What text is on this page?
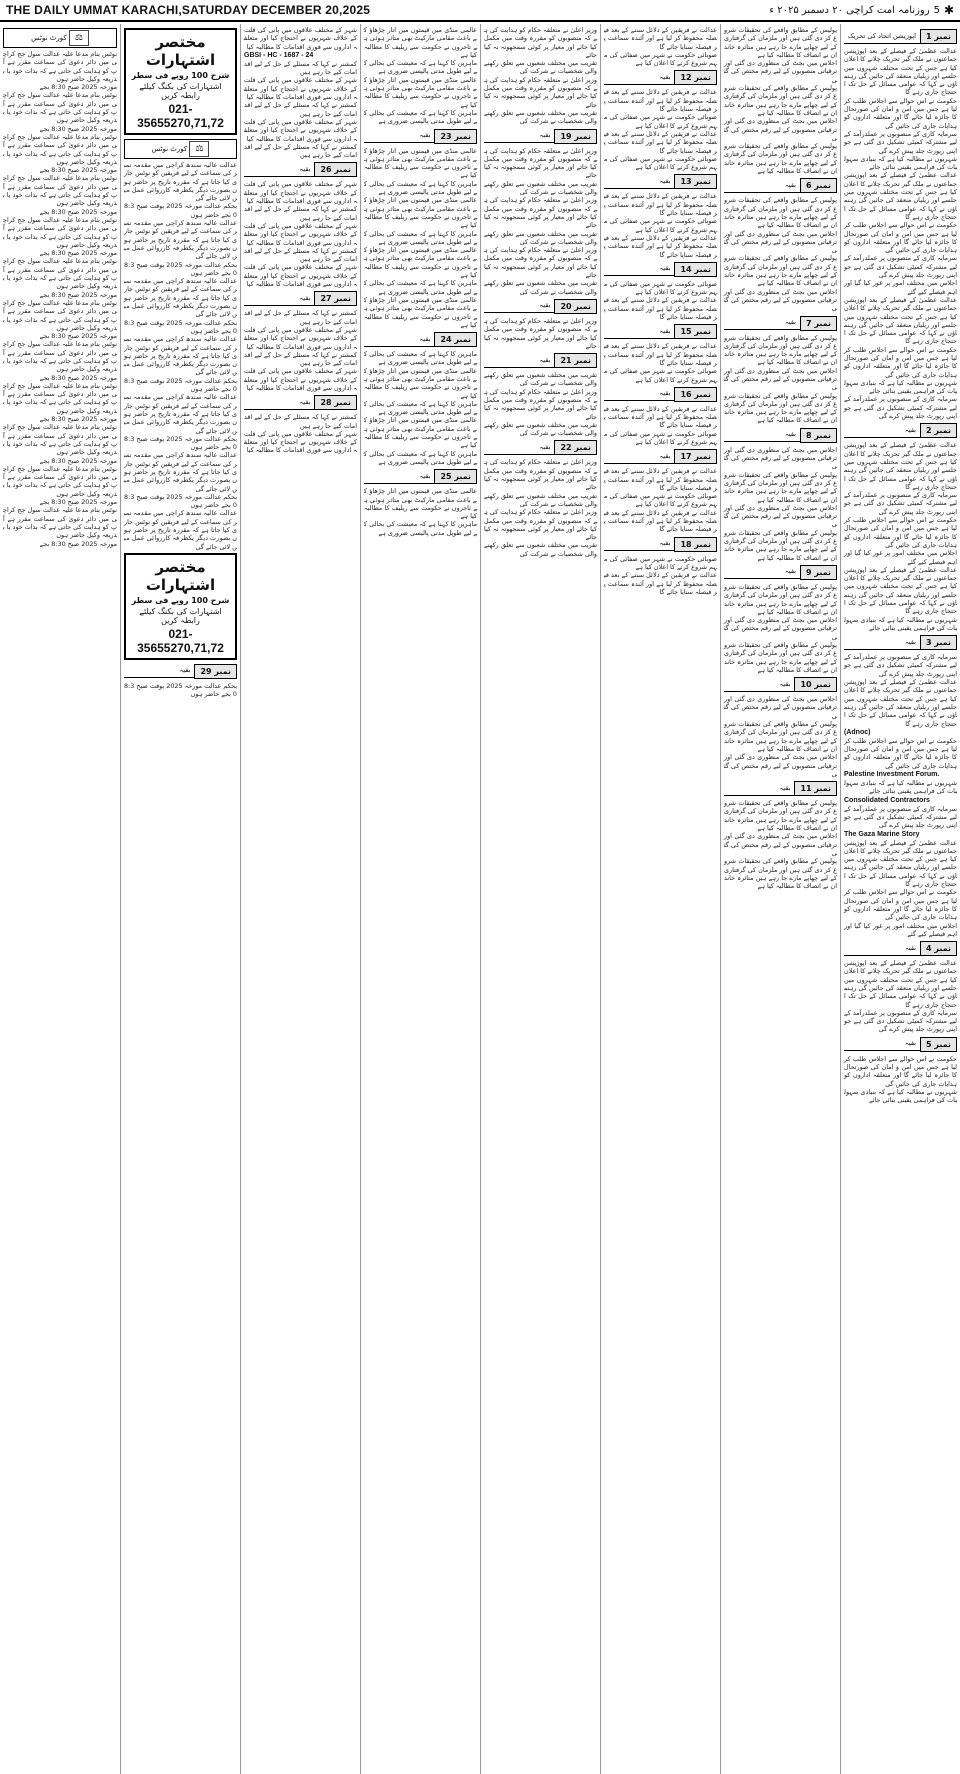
THE DAILY UMMAT KARACHI,SATURDAY DECEMBER 20,2025	✱
5
روزنامہ امت کراچی ۲۰ دسمبر ۲۰۲۵ ء
نمبر 1
اپوزیشن اتحاد کی تحریک
عدالت عظمیٰ کے فیصلے کے بعد اپوزیشن جماعتوں نے ملک گیر تحریک چلانے کا اعلان کیا ہے جس کے تحت مختلف شہروں میں جلسے اور ریلیاں منعقد کی جائیں گی رہنماؤں نے کہا کہ عوامی مسائل کے حل تک احتجاج جاری رہے گا
حکومت نے اس حوالے سے اجلاس طلب کر لیا ہے جس میں امن و امان کی صورتحال کا جائزہ لیا جائے گا اور متعلقہ اداروں کو ہدایات جاری کی جائیں گی
سرمایہ کاری کے منصوبوں پر عملدرآمد کے لیے مشترکہ کمیٹی تشکیل دی گئی ہے جو اپنی رپورٹ جلد پیش کرے گی
شہریوں نے مطالبہ کیا ہے کہ بنیادی سہولیات کی فراہمی یقینی بنائی جائے
عدالت عظمیٰ کے فیصلے کے بعد اپوزیشن جماعتوں نے ملک گیر تحریک چلانے کا اعلان کیا ہے جس کے تحت مختلف شہروں میں جلسے اور ریلیاں منعقد کی جائیں گی رہنماؤں نے کہا کہ عوامی مسائل کے حل تک احتجاج جاری رہے گا
حکومت نے اس حوالے سے اجلاس طلب کر لیا ہے جس میں امن و امان کی صورتحال کا جائزہ لیا جائے گا اور متعلقہ اداروں کو ہدایات جاری کی جائیں گی
سرمایہ کاری کے منصوبوں پر عملدرآمد کے لیے مشترکہ کمیٹی تشکیل دی گئی ہے جو اپنی رپورٹ جلد پیش کرے گی
اجلاس میں مختلف امور پر غور کیا گیا اور اہم فیصلے کیے گئے
عدالت عظمیٰ کے فیصلے کے بعد اپوزیشن جماعتوں نے ملک گیر تحریک چلانے کا اعلان کیا ہے جس کے تحت مختلف شہروں میں جلسے اور ریلیاں منعقد کی جائیں گی رہنماؤں نے کہا کہ عوامی مسائل کے حل تک احتجاج جاری رہے گا
حکومت نے اس حوالے سے اجلاس طلب کر لیا ہے جس میں امن و امان کی صورتحال کا جائزہ لیا جائے گا اور متعلقہ اداروں کو ہدایات جاری کی جائیں گی
شہریوں نے مطالبہ کیا ہے کہ بنیادی سہولیات کی فراہمی یقینی بنائی جائے
سرمایہ کاری کے منصوبوں پر عملدرآمد کے لیے مشترکہ کمیٹی تشکیل دی گئی ہے جو اپنی رپورٹ جلد پیش کرے گی
نمبر 2
بقیہ
عدالت عظمیٰ کے فیصلے کے بعد اپوزیشن جماعتوں نے ملک گیر تحریک چلانے کا اعلان کیا ہے جس کے تحت مختلف شہروں میں جلسے اور ریلیاں منعقد کی جائیں گی رہنماؤں نے کہا کہ عوامی مسائل کے حل تک احتجاج جاری رہے گا
سرمایہ کاری کے منصوبوں پر عملدرآمد کے لیے مشترکہ کمیٹی تشکیل دی گئی ہے جو اپنی رپورٹ جلد پیش کرے گی
حکومت نے اس حوالے سے اجلاس طلب کر لیا ہے جس میں امن و امان کی صورتحال کا جائزہ لیا جائے گا اور متعلقہ اداروں کو ہدایات جاری کی جائیں گی
اجلاس میں مختلف امور پر غور کیا گیا اور اہم فیصلے کیے گئے
عدالت عظمیٰ کے فیصلے کے بعد اپوزیشن جماعتوں نے ملک گیر تحریک چلانے کا اعلان کیا ہے جس کے تحت مختلف شہروں میں جلسے اور ریلیاں منعقد کی جائیں گی رہنماؤں نے کہا کہ عوامی مسائل کے حل تک احتجاج جاری رہے گا
شہریوں نے مطالبہ کیا ہے کہ بنیادی سہولیات کی فراہمی یقینی بنائی جائے
نمبر 3
بقیہ
سرمایہ کاری کے منصوبوں پر عملدرآمد کے لیے مشترکہ کمیٹی تشکیل دی گئی ہے جو اپنی رپورٹ جلد پیش کرے گی
عدالت عظمیٰ کے فیصلے کے بعد اپوزیشن جماعتوں نے ملک گیر تحریک چلانے کا اعلان کیا ہے جس کے تحت مختلف شہروں میں جلسے اور ریلیاں منعقد کی جائیں گی رہنماؤں نے کہا کہ عوامی مسائل کے حل تک احتجاج جاری رہے گا
(Adnoc)
حکومت نے اس حوالے سے اجلاس طلب کر لیا ہے جس میں امن و امان کی صورتحال کا جائزہ لیا جائے گا اور متعلقہ اداروں کو ہدایات جاری کی جائیں گی
Palestine Investment Forum.
شہریوں نے مطالبہ کیا ہے کہ بنیادی سہولیات کی فراہمی یقینی بنائی جائے
Consolidated Contractors
سرمایہ کاری کے منصوبوں پر عملدرآمد کے لیے مشترکہ کمیٹی تشکیل دی گئی ہے جو اپنی رپورٹ جلد پیش کرے گی
The Gaza Marine Story
عدالت عظمیٰ کے فیصلے کے بعد اپوزیشن جماعتوں نے ملک گیر تحریک چلانے کا اعلان کیا ہے جس کے تحت مختلف شہروں میں جلسے اور ریلیاں منعقد کی جائیں گی رہنماؤں نے کہا کہ عوامی مسائل کے حل تک احتجاج جاری رہے گا
حکومت نے اس حوالے سے اجلاس طلب کر لیا ہے جس میں امن و امان کی صورتحال کا جائزہ لیا جائے گا اور متعلقہ اداروں کو ہدایات جاری کی جائیں گی
اجلاس میں مختلف امور پر غور کیا گیا اور اہم فیصلے کیے گئے
نمبر 4
بقیہ
عدالت عظمیٰ کے فیصلے کے بعد اپوزیشن جماعتوں نے ملک گیر تحریک چلانے کا اعلان کیا ہے جس کے تحت مختلف شہروں میں جلسے اور ریلیاں منعقد کی جائیں گی رہنماؤں نے کہا کہ عوامی مسائل کے حل تک احتجاج جاری رہے گا
سرمایہ کاری کے منصوبوں پر عملدرآمد کے لیے مشترکہ کمیٹی تشکیل دی گئی ہے جو اپنی رپورٹ جلد پیش کرے گی
نمبر 5
بقیہ
حکومت نے اس حوالے سے اجلاس طلب کر لیا ہے جس میں امن و امان کی صورتحال کا جائزہ لیا جائے گا اور متعلقہ اداروں کو ہدایات جاری کی جائیں گی
شہریوں نے مطالبہ کیا ہے کہ بنیادی سہولیات کی فراہمی یقینی بنائی جائے
پولیس کے مطابق واقعے کی تحقیقات شروع کر دی گئی ہیں اور ملزمان کی گرفتاری کے لیے چھاپے مارے جا رہے ہیں متاثرہ خاندان نے انصاف کا مطالبہ کیا ہے
اجلاس میں بجٹ کی منظوری دی گئی اور ترقیاتی منصوبوں کے لیے رقم مختص کی گئی
پولیس کے مطابق واقعے کی تحقیقات شروع کر دی گئی ہیں اور ملزمان کی گرفتاری کے لیے چھاپے مارے جا رہے ہیں متاثرہ خاندان نے انصاف کا مطالبہ کیا ہے
اجلاس میں بجٹ کی منظوری دی گئی اور ترقیاتی منصوبوں کے لیے رقم مختص کی گئی
پولیس کے مطابق واقعے کی تحقیقات شروع کر دی گئی ہیں اور ملزمان کی گرفتاری کے لیے چھاپے مارے جا رہے ہیں متاثرہ خاندان نے انصاف کا مطالبہ کیا ہے
نمبر 6
بقیہ
پولیس کے مطابق واقعے کی تحقیقات شروع کر دی گئی ہیں اور ملزمان کی گرفتاری کے لیے چھاپے مارے جا رہے ہیں متاثرہ خاندان نے انصاف کا مطالبہ کیا ہے
اجلاس میں بجٹ کی منظوری دی گئی اور ترقیاتی منصوبوں کے لیے رقم مختص کی گئی
پولیس کے مطابق واقعے کی تحقیقات شروع کر دی گئی ہیں اور ملزمان کی گرفتاری کے لیے چھاپے مارے جا رہے ہیں متاثرہ خاندان نے انصاف کا مطالبہ کیا ہے
اجلاس میں بجٹ کی منظوری دی گئی اور ترقیاتی منصوبوں کے لیے رقم مختص کی گئی
نمبر 7
بقیہ
پولیس کے مطابق واقعے کی تحقیقات شروع کر دی گئی ہیں اور ملزمان کی گرفتاری کے لیے چھاپے مارے جا رہے ہیں متاثرہ خاندان نے انصاف کا مطالبہ کیا ہے
اجلاس میں بجٹ کی منظوری دی گئی اور ترقیاتی منصوبوں کے لیے رقم مختص کی گئی
پولیس کے مطابق واقعے کی تحقیقات شروع کر دی گئی ہیں اور ملزمان کی گرفتاری کے لیے چھاپے مارے جا رہے ہیں متاثرہ خاندان نے انصاف کا مطالبہ کیا ہے
نمبر 8
بقیہ
اجلاس میں بجٹ کی منظوری دی گئی اور ترقیاتی منصوبوں کے لیے رقم مختص کی گئی
پولیس کے مطابق واقعے کی تحقیقات شروع کر دی گئی ہیں اور ملزمان کی گرفتاری کے لیے چھاپے مارے جا رہے ہیں متاثرہ خاندان نے انصاف کا مطالبہ کیا ہے
اجلاس میں بجٹ کی منظوری دی گئی اور ترقیاتی منصوبوں کے لیے رقم مختص کی گئی
پولیس کے مطابق واقعے کی تحقیقات شروع کر دی گئی ہیں اور ملزمان کی گرفتاری کے لیے چھاپے مارے جا رہے ہیں متاثرہ خاندان نے انصاف کا مطالبہ کیا ہے
نمبر 9
بقیہ
پولیس کے مطابق واقعے کی تحقیقات شروع کر دی گئی ہیں اور ملزمان کی گرفتاری کے لیے چھاپے مارے جا رہے ہیں متاثرہ خاندان نے انصاف کا مطالبہ کیا ہے
اجلاس میں بجٹ کی منظوری دی گئی اور ترقیاتی منصوبوں کے لیے رقم مختص کی گئی
پولیس کے مطابق واقعے کی تحقیقات شروع کر دی گئی ہیں اور ملزمان کی گرفتاری کے لیے چھاپے مارے جا رہے ہیں متاثرہ خاندان نے انصاف کا مطالبہ کیا ہے
نمبر 10
بقیہ
اجلاس میں بجٹ کی منظوری دی گئی اور ترقیاتی منصوبوں کے لیے رقم مختص کی گئی
پولیس کے مطابق واقعے کی تحقیقات شروع کر دی گئی ہیں اور ملزمان کی گرفتاری کے لیے چھاپے مارے جا رہے ہیں متاثرہ خاندان نے انصاف کا مطالبہ کیا ہے
اجلاس میں بجٹ کی منظوری دی گئی اور ترقیاتی منصوبوں کے لیے رقم مختص کی گئی
نمبر 11
بقیہ
پولیس کے مطابق واقعے کی تحقیقات شروع کر دی گئی ہیں اور ملزمان کی گرفتاری کے لیے چھاپے مارے جا رہے ہیں متاثرہ خاندان نے انصاف کا مطالبہ کیا ہے
اجلاس میں بجٹ کی منظوری دی گئی اور ترقیاتی منصوبوں کے لیے رقم مختص کی گئی
پولیس کے مطابق واقعے کی تحقیقات شروع کر دی گئی ہیں اور ملزمان کی گرفتاری کے لیے چھاپے مارے جا رہے ہیں متاثرہ خاندان نے انصاف کا مطالبہ کیا ہے
عدالت نے فریقین کے دلائل سننے کے بعد فیصلہ محفوظ کر لیا ہے اور آئندہ سماعت پر فیصلہ سنایا جائے گا
صوبائی حکومت نے شہر میں صفائی کی مہم شروع کرنے کا اعلان کیا ہے
نمبر 12
بقیہ
عدالت نے فریقین کے دلائل سننے کے بعد فیصلہ محفوظ کر لیا ہے اور آئندہ سماعت پر فیصلہ سنایا جائے گا
صوبائی حکومت نے شہر میں صفائی کی مہم شروع کرنے کا اعلان کیا ہے
عدالت نے فریقین کے دلائل سننے کے بعد فیصلہ محفوظ کر لیا ہے اور آئندہ سماعت پر فیصلہ سنایا جائے گا
صوبائی حکومت نے شہر میں صفائی کی مہم شروع کرنے کا اعلان کیا ہے
نمبر 13
بقیہ
عدالت نے فریقین کے دلائل سننے کے بعد فیصلہ محفوظ کر لیا ہے اور آئندہ سماعت پر فیصلہ سنایا جائے گا
صوبائی حکومت نے شہر میں صفائی کی مہم شروع کرنے کا اعلان کیا ہے
عدالت نے فریقین کے دلائل سننے کے بعد فیصلہ محفوظ کر لیا ہے اور آئندہ سماعت پر فیصلہ سنایا جائے گا
نمبر 14
بقیہ
صوبائی حکومت نے شہر میں صفائی کی مہم شروع کرنے کا اعلان کیا ہے
عدالت نے فریقین کے دلائل سننے کے بعد فیصلہ محفوظ کر لیا ہے اور آئندہ سماعت پر فیصلہ سنایا جائے گا
نمبر 15
بقیہ
عدالت نے فریقین کے دلائل سننے کے بعد فیصلہ محفوظ کر لیا ہے اور آئندہ سماعت پر فیصلہ سنایا جائے گا
صوبائی حکومت نے شہر میں صفائی کی مہم شروع کرنے کا اعلان کیا ہے
نمبر 16
بقیہ
عدالت نے فریقین کے دلائل سننے کے بعد فیصلہ محفوظ کر لیا ہے اور آئندہ سماعت پر فیصلہ سنایا جائے گا
صوبائی حکومت نے شہر میں صفائی کی مہم شروع کرنے کا اعلان کیا ہے
نمبر 17
بقیہ
عدالت نے فریقین کے دلائل سننے کے بعد فیصلہ محفوظ کر لیا ہے اور آئندہ سماعت پر فیصلہ سنایا جائے گا
صوبائی حکومت نے شہر میں صفائی کی مہم شروع کرنے کا اعلان کیا ہے
عدالت نے فریقین کے دلائل سننے کے بعد فیصلہ محفوظ کر لیا ہے اور آئندہ سماعت پر فیصلہ سنایا جائے گا
نمبر 18
بقیہ
صوبائی حکومت نے شہر میں صفائی کی مہم شروع کرنے کا اعلان کیا ہے
عدالت نے فریقین کے دلائل سننے کے بعد فیصلہ محفوظ کر لیا ہے اور آئندہ سماعت پر فیصلہ سنایا جائے گا
وزیر اعلیٰ نے متعلقہ حکام کو ہدایت کی ہے کہ منصوبوں کو مقررہ وقت میں مکمل کیا جائے اور معیار پر کوئی سمجھوتہ نہ کیا جائے
تقریب میں مختلف شعبوں سے تعلق رکھنے والی شخصیات نے شرکت کی
وزیر اعلیٰ نے متعلقہ حکام کو ہدایت کی ہے کہ منصوبوں کو مقررہ وقت میں مکمل کیا جائے اور معیار پر کوئی سمجھوتہ نہ کیا جائے
تقریب میں مختلف شعبوں سے تعلق رکھنے والی شخصیات نے شرکت کی
نمبر 19
بقیہ
وزیر اعلیٰ نے متعلقہ حکام کو ہدایت کی ہے کہ منصوبوں کو مقررہ وقت میں مکمل کیا جائے اور معیار پر کوئی سمجھوتہ نہ کیا جائے
تقریب میں مختلف شعبوں سے تعلق رکھنے والی شخصیات نے شرکت کی
وزیر اعلیٰ نے متعلقہ حکام کو ہدایت کی ہے کہ منصوبوں کو مقررہ وقت میں مکمل کیا جائے اور معیار پر کوئی سمجھوتہ نہ کیا جائے
تقریب میں مختلف شعبوں سے تعلق رکھنے والی شخصیات نے شرکت کی
وزیر اعلیٰ نے متعلقہ حکام کو ہدایت کی ہے کہ منصوبوں کو مقررہ وقت میں مکمل کیا جائے اور معیار پر کوئی سمجھوتہ نہ کیا جائے
تقریب میں مختلف شعبوں سے تعلق رکھنے والی شخصیات نے شرکت کی
نمبر 20
بقیہ
وزیر اعلیٰ نے متعلقہ حکام کو ہدایت کی ہے کہ منصوبوں کو مقررہ وقت میں مکمل کیا جائے اور معیار پر کوئی سمجھوتہ نہ کیا جائے
نمبر 21
بقیہ
تقریب میں مختلف شعبوں سے تعلق رکھنے والی شخصیات نے شرکت کی
وزیر اعلیٰ نے متعلقہ حکام کو ہدایت کی ہے کہ منصوبوں کو مقررہ وقت میں مکمل کیا جائے اور معیار پر کوئی سمجھوتہ نہ کیا جائے
تقریب میں مختلف شعبوں سے تعلق رکھنے والی شخصیات نے شرکت کی
نمبر 22
بقیہ
وزیر اعلیٰ نے متعلقہ حکام کو ہدایت کی ہے کہ منصوبوں کو مقررہ وقت میں مکمل کیا جائے اور معیار پر کوئی سمجھوتہ نہ کیا جائے
تقریب میں مختلف شعبوں سے تعلق رکھنے والی شخصیات نے شرکت کی
وزیر اعلیٰ نے متعلقہ حکام کو ہدایت کی ہے کہ منصوبوں کو مقررہ وقت میں مکمل کیا جائے اور معیار پر کوئی سمجھوتہ نہ کیا جائے
تقریب میں مختلف شعبوں سے تعلق رکھنے والی شخصیات نے شرکت کی
عالمی منڈی میں قیمتوں میں اتار چڑھاؤ کے باعث مقامی مارکیٹ بھی متاثر ہوئی ہے تاجروں نے حکومت سے ریلیف کا مطالبہ کیا ہے
ماہرین کا کہنا ہے کہ معیشت کی بحالی کے لیے طویل مدتی پالیسی ضروری ہے
عالمی منڈی میں قیمتوں میں اتار چڑھاؤ کے باعث مقامی مارکیٹ بھی متاثر ہوئی ہے تاجروں نے حکومت سے ریلیف کا مطالبہ کیا ہے
ماہرین کا کہنا ہے کہ معیشت کی بحالی کے لیے طویل مدتی پالیسی ضروری ہے
نمبر 23
بقیہ
عالمی منڈی میں قیمتوں میں اتار چڑھاؤ کے باعث مقامی مارکیٹ بھی متاثر ہوئی ہے تاجروں نے حکومت سے ریلیف کا مطالبہ کیا ہے
ماہرین کا کہنا ہے کہ معیشت کی بحالی کے لیے طویل مدتی پالیسی ضروری ہے
عالمی منڈی میں قیمتوں میں اتار چڑھاؤ کے باعث مقامی مارکیٹ بھی متاثر ہوئی ہے تاجروں نے حکومت سے ریلیف کا مطالبہ کیا ہے
ماہرین کا کہنا ہے کہ معیشت کی بحالی کے لیے طویل مدتی پالیسی ضروری ہے
عالمی منڈی میں قیمتوں میں اتار چڑھاؤ کے باعث مقامی مارکیٹ بھی متاثر ہوئی ہے تاجروں نے حکومت سے ریلیف کا مطالبہ کیا ہے
ماہرین کا کہنا ہے کہ معیشت کی بحالی کے لیے طویل مدتی پالیسی ضروری ہے
عالمی منڈی میں قیمتوں میں اتار چڑھاؤ کے باعث مقامی مارکیٹ بھی متاثر ہوئی ہے تاجروں نے حکومت سے ریلیف کا مطالبہ کیا ہے
نمبر 24
بقیہ
ماہرین کا کہنا ہے کہ معیشت کی بحالی کے لیے طویل مدتی پالیسی ضروری ہے
عالمی منڈی میں قیمتوں میں اتار چڑھاؤ کے باعث مقامی مارکیٹ بھی متاثر ہوئی ہے تاجروں نے حکومت سے ریلیف کا مطالبہ کیا ہے
ماہرین کا کہنا ہے کہ معیشت کی بحالی کے لیے طویل مدتی پالیسی ضروری ہے
عالمی منڈی میں قیمتوں میں اتار چڑھاؤ کے باعث مقامی مارکیٹ بھی متاثر ہوئی ہے تاجروں نے حکومت سے ریلیف کا مطالبہ کیا ہے
ماہرین کا کہنا ہے کہ معیشت کی بحالی کے لیے طویل مدتی پالیسی ضروری ہے
نمبر 25
بقیہ
عالمی منڈی میں قیمتوں میں اتار چڑھاؤ کے باعث مقامی مارکیٹ بھی متاثر ہوئی ہے تاجروں نے حکومت سے ریلیف کا مطالبہ کیا ہے
ماہرین کا کہنا ہے کہ معیشت کی بحالی کے لیے طویل مدتی پالیسی ضروری ہے
شہر کے مختلف علاقوں میں پانی کی قلت کے خلاف شہریوں نے احتجاج کیا اور متعلقہ اداروں سے فوری اقدامات کا مطالبہ کیا
GBSI - HC - 1687 - 24
کمشنر نے کہا کہ مسئلے کے حل کے لیے اقدامات کیے جا رہے ہیں
شہر کے مختلف علاقوں میں پانی کی قلت کے خلاف شہریوں نے احتجاج کیا اور متعلقہ اداروں سے فوری اقدامات کا مطالبہ کیا
کمشنر نے کہا کہ مسئلے کے حل کے لیے اقدامات کیے جا رہے ہیں
شہر کے مختلف علاقوں میں پانی کی قلت کے خلاف شہریوں نے احتجاج کیا اور متعلقہ اداروں سے فوری اقدامات کا مطالبہ کیا
کمشنر نے کہا کہ مسئلے کے حل کے لیے اقدامات کیے جا رہے ہیں
نمبر 26
بقیہ
شہر کے مختلف علاقوں میں پانی کی قلت کے خلاف شہریوں نے احتجاج کیا اور متعلقہ اداروں سے فوری اقدامات کا مطالبہ کیا
کمشنر نے کہا کہ مسئلے کے حل کے لیے اقدامات کیے جا رہے ہیں
شہر کے مختلف علاقوں میں پانی کی قلت کے خلاف شہریوں نے احتجاج کیا اور متعلقہ اداروں سے فوری اقدامات کا مطالبہ کیا
کمشنر نے کہا کہ مسئلے کے حل کے لیے اقدامات کیے جا رہے ہیں
شہر کے مختلف علاقوں میں پانی کی قلت کے خلاف شہریوں نے احتجاج کیا اور متعلقہ اداروں سے فوری اقدامات کا مطالبہ کیا
نمبر 27
بقیہ
کمشنر نے کہا کہ مسئلے کے حل کے لیے اقدامات کیے جا رہے ہیں
شہر کے مختلف علاقوں میں پانی کی قلت کے خلاف شہریوں نے احتجاج کیا اور متعلقہ اداروں سے فوری اقدامات کا مطالبہ کیا
کمشنر نے کہا کہ مسئلے کے حل کے لیے اقدامات کیے جا رہے ہیں
شہر کے مختلف علاقوں میں پانی کی قلت کے خلاف شہریوں نے احتجاج کیا اور متعلقہ اداروں سے فوری اقدامات کا مطالبہ کیا
نمبر 28
بقیہ
کمشنر نے کہا کہ مسئلے کے حل کے لیے اقدامات کیے جا رہے ہیں
شہر کے مختلف علاقوں میں پانی کی قلت کے خلاف شہریوں نے احتجاج کیا اور متعلقہ اداروں سے فوری اقدامات کا مطالبہ کیا
مختصر اشتہارات
شرح 100 روپے فی سطر
اشتہارات کی بکنگ کیلئے رابطہ کریں
021-35655270,71,72
⚖ کورٹ نوٹس
عدالت عالیہ سندھ کراچی میں مقدمہ نمبر کی سماعت کے لیے فریقین کو نوٹس جاری کیا جاتا ہے کہ مقررہ تاریخ پر حاضر ہوں بصورت دیگر یکطرفہ کارروائی عمل میں لائی جائے گی
بحکم عدالت مورخہ 2025 بوقت صبح 8:30 بجے حاضر ہوں
عدالت عالیہ سندھ کراچی میں مقدمہ نمبر کی سماعت کے لیے فریقین کو نوٹس جاری کیا جاتا ہے کہ مقررہ تاریخ پر حاضر ہوں بصورت دیگر یکطرفہ کارروائی عمل میں لائی جائے گی
بحکم عدالت مورخہ 2025 بوقت صبح 8:30 بجے حاضر ہوں
عدالت عالیہ سندھ کراچی میں مقدمہ نمبر کی سماعت کے لیے فریقین کو نوٹس جاری کیا جاتا ہے کہ مقررہ تاریخ پر حاضر ہوں بصورت دیگر یکطرفہ کارروائی عمل میں لائی جائے گی
بحکم عدالت مورخہ 2025 بوقت صبح 8:30 بجے حاضر ہوں
عدالت عالیہ سندھ کراچی میں مقدمہ نمبر کی سماعت کے لیے فریقین کو نوٹس جاری کیا جاتا ہے کہ مقررہ تاریخ پر حاضر ہوں بصورت دیگر یکطرفہ کارروائی عمل میں لائی جائے گی
بحکم عدالت مورخہ 2025 بوقت صبح 8:30 بجے حاضر ہوں
عدالت عالیہ سندھ کراچی میں مقدمہ نمبر کی سماعت کے لیے فریقین کو نوٹس جاری کیا جاتا ہے کہ مقررہ تاریخ پر حاضر ہوں بصورت دیگر یکطرفہ کارروائی عمل میں لائی جائے گی
بحکم عدالت مورخہ 2025 بوقت صبح 8:30 بجے حاضر ہوں
عدالت عالیہ سندھ کراچی میں مقدمہ نمبر کی سماعت کے لیے فریقین کو نوٹس جاری کیا جاتا ہے کہ مقررہ تاریخ پر حاضر ہوں بصورت دیگر یکطرفہ کارروائی عمل میں لائی جائے گی
بحکم عدالت مورخہ 2025 بوقت صبح 8:30 بجے حاضر ہوں
عدالت عالیہ سندھ کراچی میں مقدمہ نمبر کی سماعت کے لیے فریقین کو نوٹس جاری کیا جاتا ہے کہ مقررہ تاریخ پر حاضر ہوں بصورت دیگر یکطرفہ کارروائی عمل میں لائی جائے گی
مختصر اشتہارات
شرح 100 روپے فی سطر
اشتہارات کی بکنگ کیلئے رابطہ کریں
021-35655270,71,72
نمبر 29
بقیہ
بحکم عدالت مورخہ 2025 بوقت صبح 8:30 بجے حاضر ہوں
⚖ کورٹ نوٹس
نوٹس بنام مدعا علیہ عدالت سول جج کراچی میں دائر دعویٰ کی سماعت مقرر ہے آپ کو ہدایت کی جاتی ہے کہ بذات خود یا بذریعہ وکیل حاضر ہوں
مورخہ 2025 صبح 8:30 بجے
نوٹس بنام مدعا علیہ عدالت سول جج کراچی میں دائر دعویٰ کی سماعت مقرر ہے آپ کو ہدایت کی جاتی ہے کہ بذات خود یا بذریعہ وکیل حاضر ہوں
مورخہ 2025 صبح 8:30 بجے
نوٹس بنام مدعا علیہ عدالت سول جج کراچی میں دائر دعویٰ کی سماعت مقرر ہے آپ کو ہدایت کی جاتی ہے کہ بذات خود یا بذریعہ وکیل حاضر ہوں
مورخہ 2025 صبح 8:30 بجے
نوٹس بنام مدعا علیہ عدالت سول جج کراچی میں دائر دعویٰ کی سماعت مقرر ہے آپ کو ہدایت کی جاتی ہے کہ بذات خود یا بذریعہ وکیل حاضر ہوں
مورخہ 2025 صبح 8:30 بجے
نوٹس بنام مدعا علیہ عدالت سول جج کراچی میں دائر دعویٰ کی سماعت مقرر ہے آپ کو ہدایت کی جاتی ہے کہ بذات خود یا بذریعہ وکیل حاضر ہوں
مورخہ 2025 صبح 8:30 بجے
نوٹس بنام مدعا علیہ عدالت سول جج کراچی میں دائر دعویٰ کی سماعت مقرر ہے آپ کو ہدایت کی جاتی ہے کہ بذات خود یا بذریعہ وکیل حاضر ہوں
مورخہ 2025 صبح 8:30 بجے
نوٹس بنام مدعا علیہ عدالت سول جج کراچی میں دائر دعویٰ کی سماعت مقرر ہے آپ کو ہدایت کی جاتی ہے کہ بذات خود یا بذریعہ وکیل حاضر ہوں
مورخہ 2025 صبح 8:30 بجے
نوٹس بنام مدعا علیہ عدالت سول جج کراچی میں دائر دعویٰ کی سماعت مقرر ہے آپ کو ہدایت کی جاتی ہے کہ بذات خود یا بذریعہ وکیل حاضر ہوں
مورخہ 2025 صبح 8:30 بجے
نوٹس بنام مدعا علیہ عدالت سول جج کراچی میں دائر دعویٰ کی سماعت مقرر ہے آپ کو ہدایت کی جاتی ہے کہ بذات خود یا بذریعہ وکیل حاضر ہوں
مورخہ 2025 صبح 8:30 بجے
نوٹس بنام مدعا علیہ عدالت سول جج کراچی میں دائر دعویٰ کی سماعت مقرر ہے آپ کو ہدایت کی جاتی ہے کہ بذات خود یا بذریعہ وکیل حاضر ہوں
مورخہ 2025 صبح 8:30 بجے
نوٹس بنام مدعا علیہ عدالت سول جج کراچی میں دائر دعویٰ کی سماعت مقرر ہے آپ کو ہدایت کی جاتی ہے کہ بذات خود یا بذریعہ وکیل حاضر ہوں
مورخہ 2025 صبح 8:30 بجے
نوٹس بنام مدعا علیہ عدالت سول جج کراچی میں دائر دعویٰ کی سماعت مقرر ہے آپ کو ہدایت کی جاتی ہے کہ بذات خود یا بذریعہ وکیل حاضر ہوں
مورخہ 2025 صبح 8:30 بجے
